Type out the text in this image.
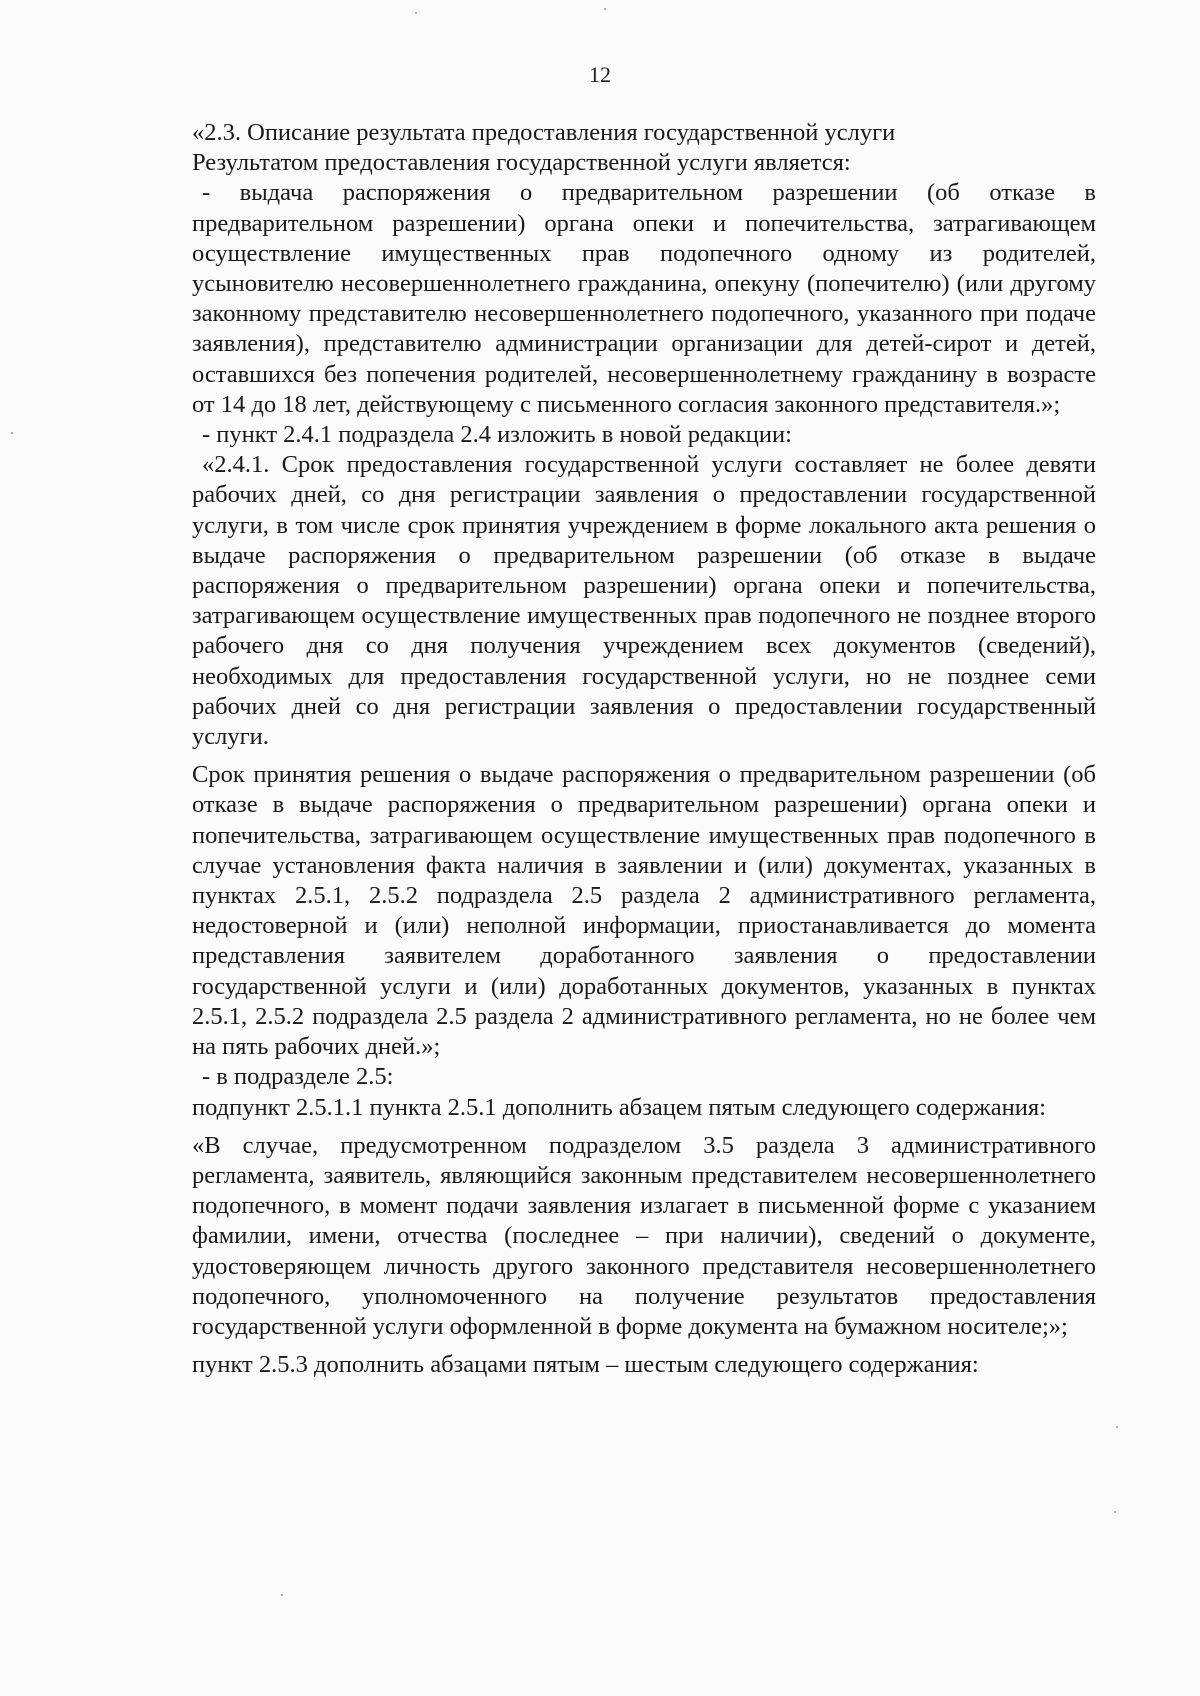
12

«2.3. Описание результата предоставления государственной услуги

Результатом предоставления государственной услуги является:

- выдача распоряжения о предварительном разрешении (об отказе в предварительном разрешении) органа опеки и попечительства, затрагивающем осуществление имущественных прав подопечного одному из родителей, усыновителю несовершеннолетнего гражданина, опекуну (попечителю) (или другому законному представителю несовершеннолетнего подопечного, указанного при подаче заявления), представителю администрации организации для детей-сирот и детей, оставшихся без попечения родителей, несовершеннолетнему гражданину в возрасте от 14 до 18 лет, действующему с письменного согласия законного представителя.»;

- пункт 2.4.1 подраздела 2.4 изложить в новой редакции:

«2.4.1. Срок предоставления государственной услуги составляет не более девяти рабочих дней, со дня регистрации заявления о предоставлении государственной услуги, в том числе срок принятия учреждением в форме локального акта решения о выдаче распоряжения о предварительном разрешении (об отказе в выдаче распоряжения о предварительном разрешении) органа опеки и попечительства, затрагивающем осуществление имущественных прав подопечного не позднее второго рабочего дня со дня получения учреждением всех документов (сведений), необходимых для предоставления государственной услуги, но не позднее семи рабочих дней со дня регистрации заявления о предоставлении государственный услуги.

Срок принятия решения о выдаче распоряжения о предварительном разрешении (об отказе в выдаче распоряжения о предварительном разрешении) органа опеки и попечительства, затрагивающем осуществление имущественных прав подопечного в случае установления факта наличия в заявлении и (или) документах, указанных в пунктах 2.5.1, 2.5.2 подраздела 2.5 раздела 2 административного регламента, недостоверной и (или) неполной информации, приостанавливается до момента представления заявителем доработанного заявления о предоставлении государственной услуги и (или) доработанных документов, указанных в пунктах 2.5.1, 2.5.2 подраздела 2.5 раздела 2 административного регламента, но не более чем на пять рабочих дней.»;

- в подразделе 2.5:

подпункт 2.5.1.1 пункта 2.5.1 дополнить абзацем пятым следующего содержания:

«В случае, предусмотренном подразделом 3.5 раздела 3 административного регламента, заявитель, являющийся законным представителем несовершеннолетнего подопечного, в момент подачи заявления излагает в письменной форме с указанием фамилии, имени, отчества (последнее – при наличии), сведений о документе, удостоверяющем личность другого законного представителя несовершеннолетнего подопечного, уполномоченного на получение результатов предоставления государственной услуги оформленной в форме документа на бумажном носителе;»;

пункт 2.5.3 дополнить абзацами пятым – шестым следующего содержания:
